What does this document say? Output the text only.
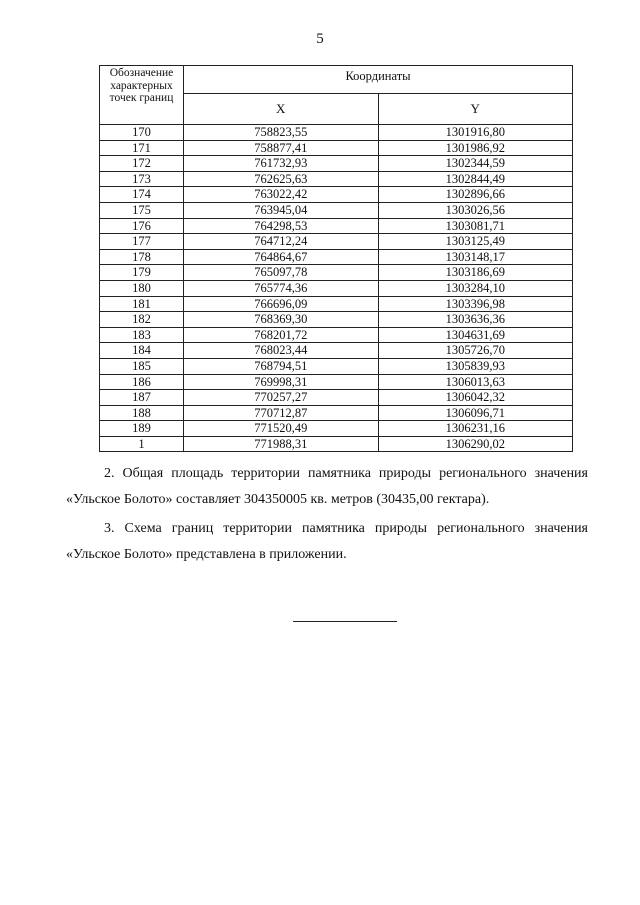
5
Обозначение характерных точек границ	Координаты	
	X	Y
170	758823,55	1301916,80
171	758877,41	1301986,92
172	761732,93	1302344,59
173	762625,63	1302844,49
174	763022,42	1302896,66
175	763945,04	1303026,56
176	764298,53	1303081,71
177	764712,24	1303125,49
178	764864,67	1303148,17
179	765097,78	1303186,69
180	765774,36	1303284,10
181	766696,09	1303396,98
182	768369,30	1303636,36
183	768201,72	1304631,69
184	768023,44	1305726,70
185	768794,51	1305839,93
186	769998,31	1306013,63
187	770257,27	1306042,32
188	770712,87	1306096,71
189	771520,49	1306231,16
1	771988,31	1306290,02
2. Общая площадь территории памятника природы регионального значения «Ульское Болото» составляет 304350005 кв. метров (30435,00 гектара).
3. Схема границ территории памятника природы регионального значения «Ульское Болото» представлена в приложении.
